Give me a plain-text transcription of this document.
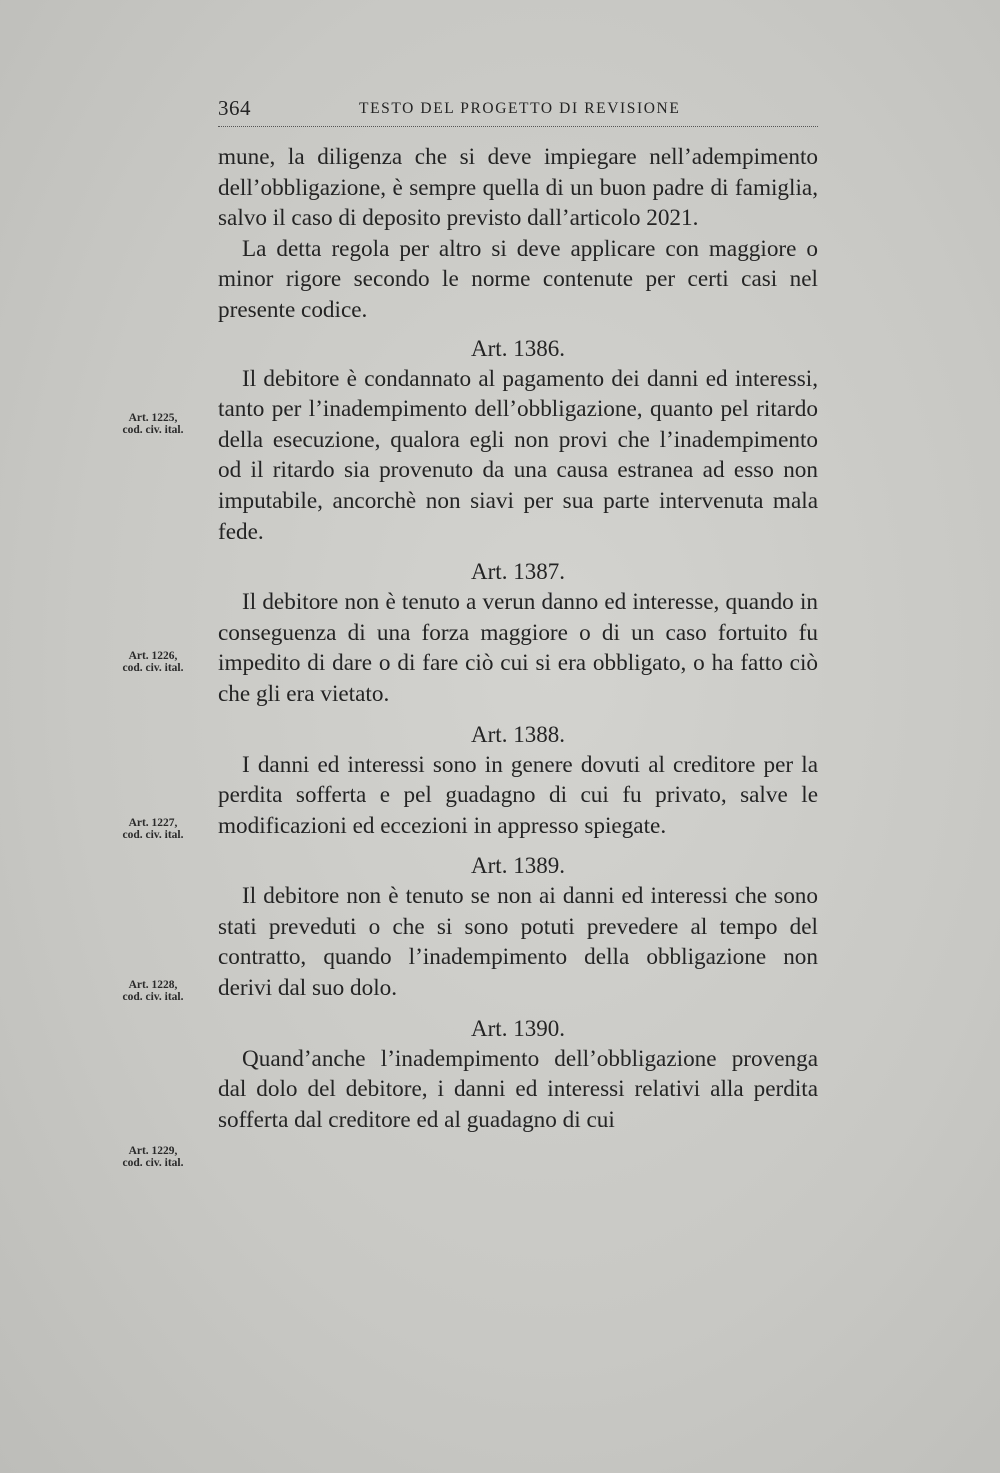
364	TESTO DEL PROGETTO DI REVISIONE

mune, la diligenza che si deve impiegare nell’adempimento dell’obbligazione, è sempre quella di un buon padre di famiglia, salvo il caso di deposito previsto dall’articolo 2021.

La detta regola per altro si deve applicare con maggiore o minor rigore secondo le norme contenute per certi casi nel presente codice.

Art. 1386.

Il debitore è condannato al pagamento dei danni ed interessi, tanto per l’inadempimento dell’obbligazione, quanto pel ritardo della esecuzione, qualora egli non provi che l’inadempimento od il ritardo sia provenuto da una causa estranea ad esso non imputabile, ancorchè non siavi per sua parte intervenuta mala fede.

Art. 1387.

Il debitore non è tenuto a verun danno ed interesse, quando in conseguenza di una forza maggiore o di un caso fortuito fu impedito di dare o di fare ciò cui si era obbligato, o ha fatto ciò che gli era vietato.

Art. 1388.

I danni ed interessi sono in genere dovuti al creditore per la perdita sofferta e pel guadagno di cui fu privato, salve le modificazioni ed eccezioni in appresso spiegate.

Art. 1389.

Il debitore non è tenuto se non ai danni ed interessi che sono stati preveduti o che si sono potuti prevedere al tempo del contratto, quando l’inadempimento della obbligazione non derivi dal suo dolo.

Art. 1390.

Quand’anche l’inadempimento dell’obbligazione provenga dal dolo del debitore, i danni ed interessi relativi alla perdita sofferta dal creditore ed al guadagno di cui

Art. 1225,
cod. civ. ital.
Art. 1226,
cod. civ. ital.
Art. 1227,
cod. civ. ital.
Art. 1228,
cod. civ. ital.
Art. 1229,
cod. civ. ital.
